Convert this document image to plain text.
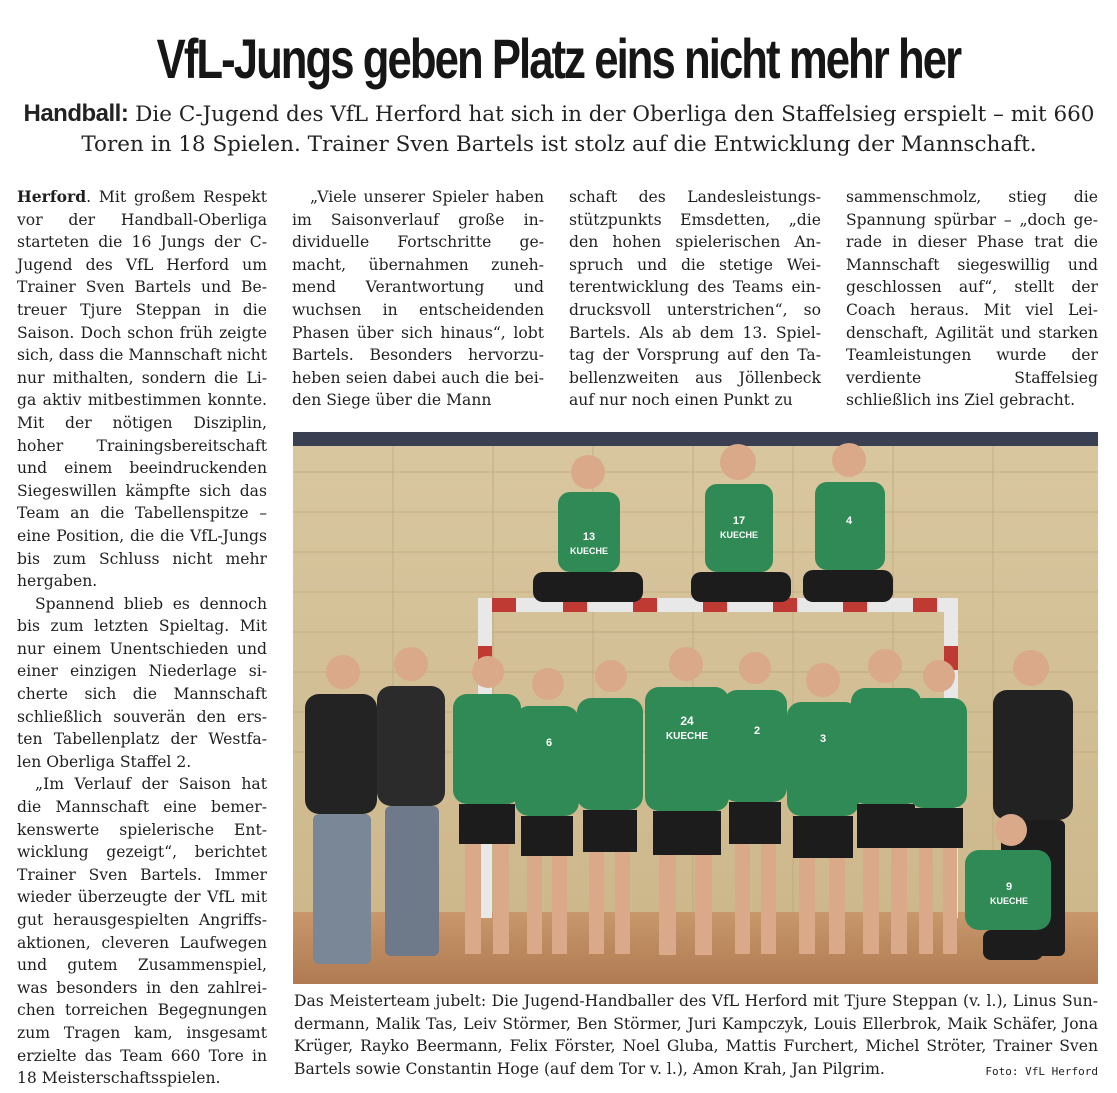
VfL-Jungs geben Platz eins nicht mehr her
Handball: Die C-Jugend des VfL Herford hat sich in der Oberliga den Staffelsieg erspielt – mit 660 Toren in 18 Spielen. Trainer Sven Bartels ist stolz auf die Entwicklung der Mannschaft.

Herford. Mit großem Respekt vor der Handball-Oberliga starteten die 16 Jungs der C-Jugend des VfL Herford um Trainer Sven Bartels und Betreuer Tjure Steppan in die Saison. Doch schon früh zeigte sich, dass die Mannschaft nicht nur mithalten, sondern die Liga aktiv mitbestimmen konnte. Mit der nötigen Disziplin, hoher Trainingsbereitschaft und einem beeindruckenden Siegeswillen kämpfte sich das Team an die Tabellenspitze – eine Position, die die VfL-Jungs bis zum Schluss nicht mehr hergaben.

Spannend blieb es dennoch bis zum letzten Spieltag. Mit nur einem Unentschieden und einer einzigen Niederlage sicherte sich die Mannschaft schließlich souverän den ersten Tabellenplatz der Westfalen Oberliga Staffel 2.

„Im Verlauf der Saison hat die Mannschaft eine bemerkenswerte spielerische Entwicklung gezeigt“, berichtet Trainer Sven Bartels. Immer wieder überzeugte der VfL mit gut herausgespielten Angriffsaktionen, cleveren Laufwegen und gutem Zusammenspiel, was besonders in den zahlreichen torreichen Begegnungen zum Tragen kam, insgesamt erzielte das Team 660 Tore in 18 Meisterschaftsspielen.

„Viele unserer Spieler haben im Saisonverlauf große individuelle Fortschritte gemacht, übernahmen zunehmend Verantwortung und wuchsen in entscheidenden Phasen über sich hinaus“, lobt Bartels. Besonders hervorzuheben seien dabei auch die beiden Siege über die Mann

schaft des Landesleistungsstützpunkts Emsdetten, „die den hohen spielerischen Anspruch und die stetige Weiterentwicklung des Teams eindrucksvoll unterstrichen“, so Bartels. Als ab dem 13. Spieltag der Vorsprung auf den Tabellenzweiten aus Jöllenbeck auf nur noch einen Punkt zu

sammenschmolz, stieg die Spannung spürbar – „doch gerade in dieser Phase trat die Mannschaft siegeswillig und geschlossen auf“, stellt der Coach heraus. Mit viel Leidenschaft, Agilität und starken Teamleistungen wurde der verdiente Staffelsieg schließlich ins Ziel gebracht.

13
KUECHE
17
KUECHE
4
24
KUECHE
6	3
2
9
KUECHE
Das Meisterteam jubelt: Die Jugend-Handballer des VfL Herford mit Tjure Steppan (v. l.), Linus Sundermann, Malik Tas, Leiv Störmer, Ben Störmer, Juri Kampczyk, Louis Ellerbrok, Maik Schäfer, Jona Krüger, Rayko Beermann, Felix Förster, Noel Gluba, Mattis Furchert, Michel Ströter, Trainer Sven Bartels sowie Constantin Hoge (auf dem Tor v. l.), Amon Krah, Jan Pilgrim.	Foto: VfL Herford
